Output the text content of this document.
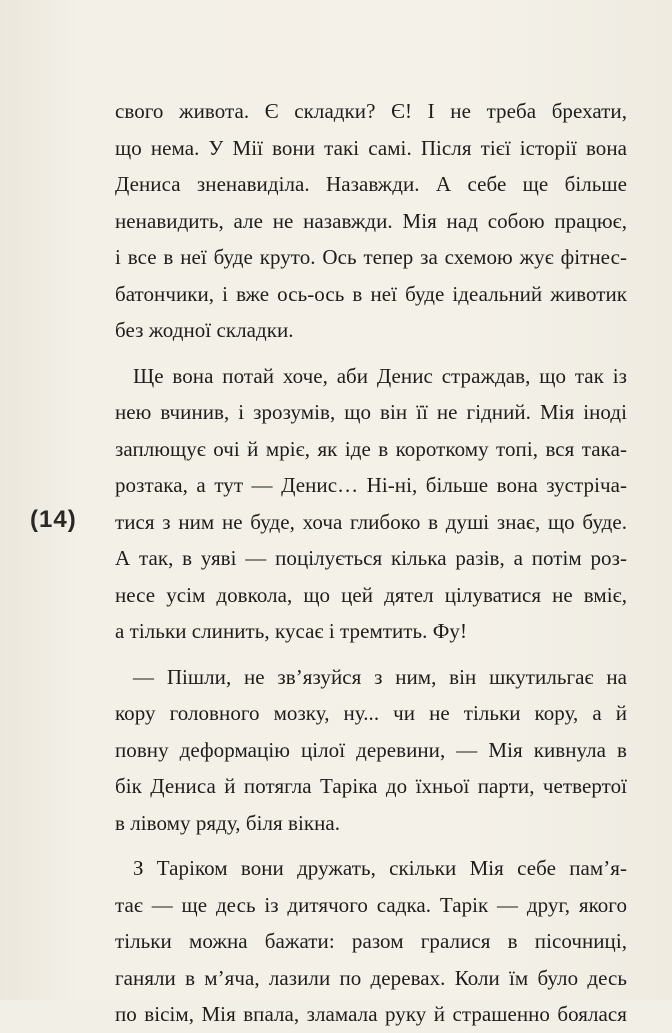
свого живота. Є складки? Є! І не треба брехати,
що нема. У Мії вони такі самі. Після тієї історії вона
Дениса зненавиділа. Назавжди. А себе ще більше
ненавидить, але не назавжди. Мія над собою працює,
і все в неї буде круто. Ось тепер за схемою жує фітнес-
батончики, і вже ось-ось в неї буде ідеальний животик
без жодної складки.

Ще вона потай хоче, аби Денис страждав, що так із
нею вчинив, і зрозумів, що він її не гідний. Мія іноді
заплющує очі й мріє, як іде в короткому топі, вся така-
розтака, а тут — Денис… Ні-ні, більше вона зустріча-
тися з ним не буде, хоча глибоко в душі знає, що буде.
А так, в уяві — поцілується кілька разів, а потім роз-
несе усім довкола, що цей дятел цілуватися не вміє,
а тільки слинить, кусає і тремтить. Фу!

— Пішли, не зв’язуйся з ним, він шкутильгає на
кору головного мозку, ну... чи не тільки кору, а й
повну деформацію цілої деревини, — Мія кивнула в
бік Дениса й потягла Таріка до їхньої парти, четвертої
в лівому ряду, біля вікна.

З Таріком вони дружать, скільки Мія себе пам’я-
тає — ще десь із дитячого садка. Тарік — друг, якого
тільки можна бажати: разом гралися в пісочниці,
ганяли в м’яча, лазили по деревах. Коли їм було десь
по вісім, Мія впала, зламала руку й страшенно боялася

(14)
